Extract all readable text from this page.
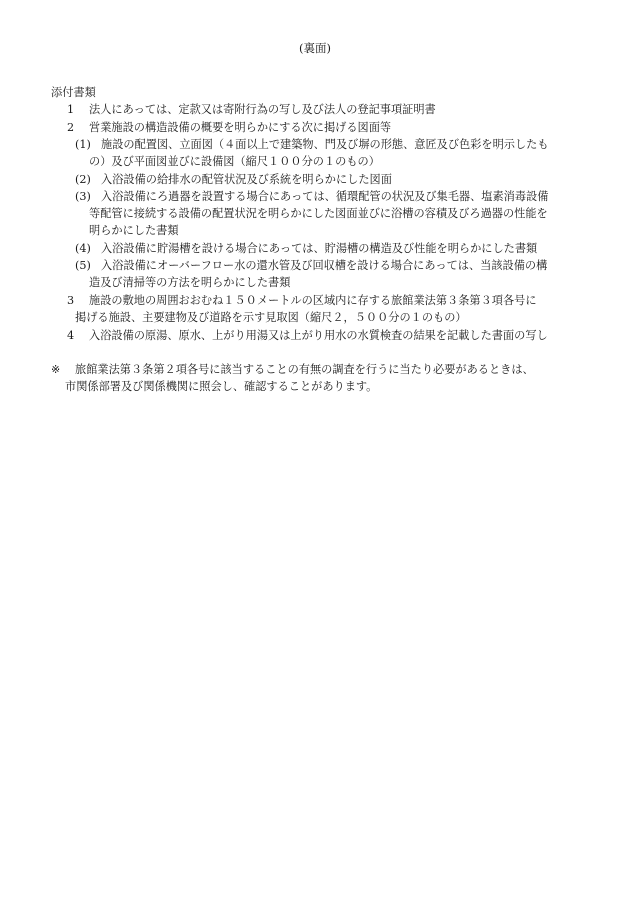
(裏面)
添付書類
1 法人にあっては、定款又は寄附行為の写し及び法人の登記事項証明書
2 営業施設の構造設備の概要を明らかにする次に掲げる図面等
(1) 施設の配置図、立面図（４面以上で建築物、門及び塀の形態、意匠及び色彩を明示したも
の）及び平面図並びに設備図（縮尺１００分の１のもの）
(2) 入浴設備の給排水の配管状況及び系統を明らかにした図面
(3) 入浴設備にろ過器を設置する場合にあっては、循環配管の状況及び集毛器、塩素消毒設備
等配管に接続する設備の配置状況を明らかにした図面並びに浴槽の容積及びろ過器の性能を
明らかにした書類
(4) 入浴設備に貯湯槽を設ける場合にあっては、貯湯槽の構造及び性能を明らかにした書類
(5) 入浴設備にオーバーフロー水の還水管及び回収槽を設ける場合にあっては、当該設備の構
造及び清掃等の方法を明らかにした書類
3 施設の敷地の周囲おおむね１５０メートルの区域内に存する旅館業法第３条第３項各号に
掲げる施設、主要建物及び道路を示す見取図（縮尺２，５００分の１のもの）
4 入浴設備の原湯、原水、上がり用湯又は上がり用水の水質検査の結果を記載した書面の写し
※ 旅館業法第３条第２項各号に該当することの有無の調査を行うに当たり必要があるときは、
市関係部署及び関係機関に照会し、確認することがあります。
